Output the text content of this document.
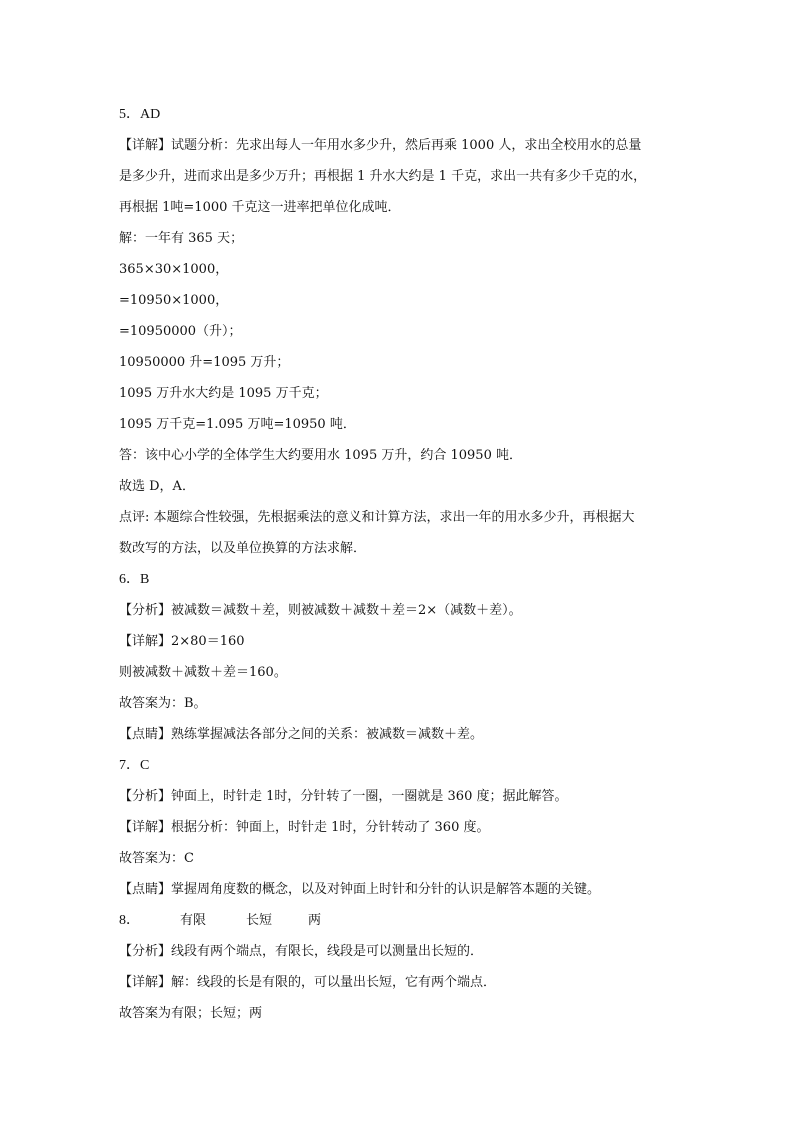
5．AD
【详解】试题分析：先求出每人一年用水多少升，然后再乘 1000 人，求出全校用水的总量
是多少升，进而求出是多少万升；再根据 1 升水大约是 1 千克，求出一共有多少千克的水，
再根据 1吨=1000 千克这一进率把单位化成吨．
解：一年有 365 天；
365×30×1000，
=10950×1000，
=10950000（升）；
10950000 升=1095 万升；
1095 万升水大约是 1095 万千克；
1095 万千克=1.095 万吨=10950 吨．
答：该中心小学的全体学生大约要用水 1095 万升，约合 10950 吨．
故选 D，A．
点评: 本题综合性较强，先根据乘法的意义和计算方法，求出一年的用水多少升，再根据大
数改写的方法，以及单位换算的方法求解．
6．B
【分析】被减数＝减数＋差，则被减数＋减数＋差＝2×（减数＋差）。
【详解】2×80＝160
则被减数＋减数＋差＝160。
故答案为：B。
【点睛】熟练掌握减法各部分之间的关系：被减数＝减数＋差。
7．C
【分析】钟面上，时针走 1时，分针转了一圈，一圈就是 360 度；据此解答。
【详解】根据分析：钟面上，时针走 1时，分针转动了 360 度。
故答案为：C
【点睛】掌握周角度数的概念，以及对钟面上时针和分针的认识是解答本题的关键。
8．	有限	长短	两
【分析】线段有两个端点，有限长，线段是可以测量出长短的．
【详解】解：线段的长是有限的，可以量出长短，它有两个端点．
故答案为有限；长短；两
